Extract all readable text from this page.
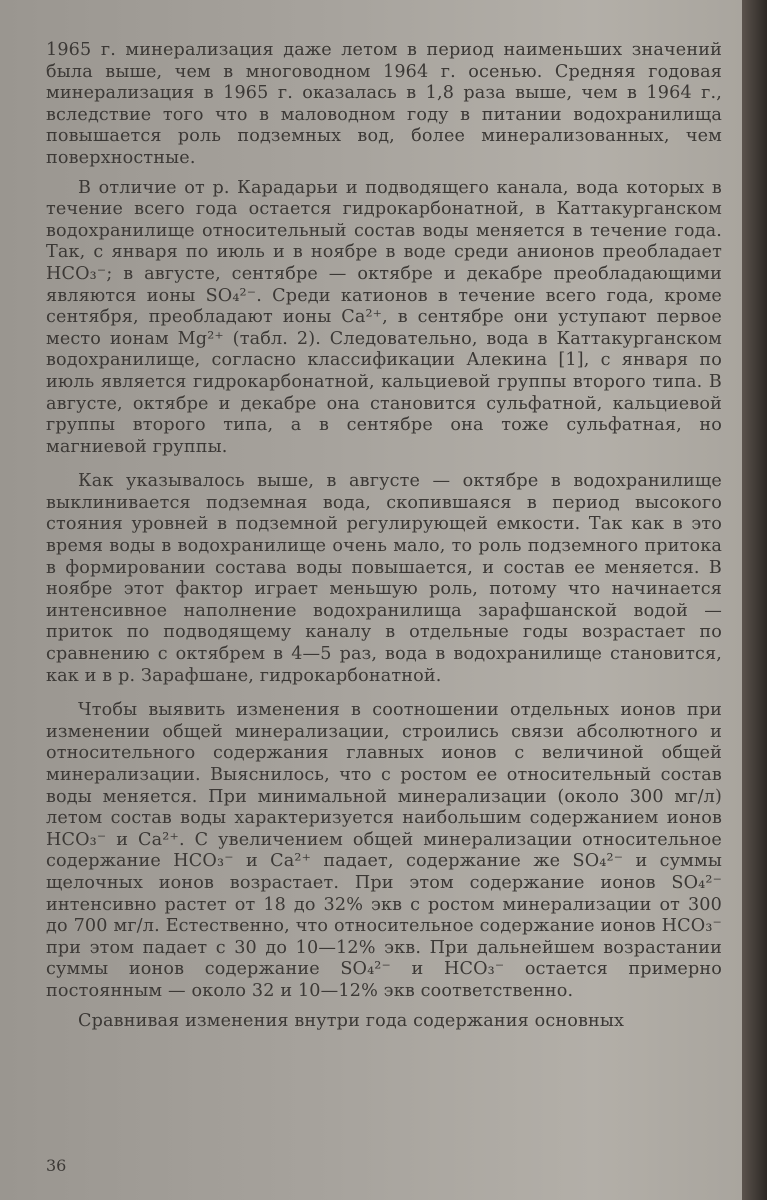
1965 г. минерализация даже летом в период наименьших значений была выше, чем в многоводном 1964 г. осенью. Средняя годовая минерализация в 1965 г. оказалась в 1,8 раза выше, чем в 1964 г., вследствие того что в маловодном году в питании водохранилища повышается роль подземных вод, более минерализованных, чем поверхностные.

В отличие от р. Карадарьи и подводящего канала, вода которых в течение всего года остается гидрокарбонатной, в Каттакурганском водохранилище относительный состав воды меняется в течение года. Так, с января по июль и в ноябре в воде среди анионов преобладает HCO₃⁻; в августе, сентябре — октябре и декабре преобладающими являются ионы SO₄²⁻. Среди катионов в течение всего года, кроме сентября, преобладают ионы Ca²⁺, в сентябре они уступают первое место ионам Mg²⁺ (табл. 2). Следовательно, вода в Каттакурганском водохранилище, согласно классификации Алекина [1], с января по июль является гидрокарбонатной, кальциевой группы второго типа. В августе, октябре и декабре она становится сульфатной, кальциевой группы второго типа, а в сентябре она тоже сульфатная, но магниевой группы.

Как указывалось выше, в августе — октябре в водохранилище выклинивается подземная вода, скопившаяся в период высокого стояния уровней в подземной регулирующей емкости. Так как в это время воды в водохранилище очень мало, то роль подземного притока в формировании состава воды повышается, и состав ее меняется. В ноябре этот фактор играет меньшую роль, потому что начинается интенсивное наполнение водохранилища зарафшанской водой — приток по подводящему каналу в отдельные годы возрастает по сравнению с октябрем в 4—5 раз, вода в водохранилище становится, как и в р. Зарафшане, гидрокарбонатной.

Чтобы выявить изменения в соотношении отдельных ионов при изменении общей минерализации, строились связи абсолютного и относительного содержания главных ионов с величиной общей минерализации. Выяснилось, что с ростом ее относительный состав воды меняется. При минимальной минерализации (около 300 мг/л) летом состав воды характеризуется наибольшим содержанием ионов HCO₃⁻ и Ca²⁺. С увеличением общей минерализации относительное содержание HCO₃⁻ и Ca²⁺ падает, содержание же SO₄²⁻ и суммы щелочных ионов возрастает. При этом содержание ионов SO₄²⁻ интенсивно растет от 18 до 32% экв с ростом минерализации от 300 до 700 мг/л. Естественно, что относительное содержание ионов HCO₃⁻ при этом падает с 30 до 10—12% экв. При дальнейшем возрастании суммы ионов содержание SO₄²⁻ и HCO₃⁻ остается примерно постоянным — около 32 и 10—12% экв соответственно.

Сравнивая изменения внутри года содержания основных

36
